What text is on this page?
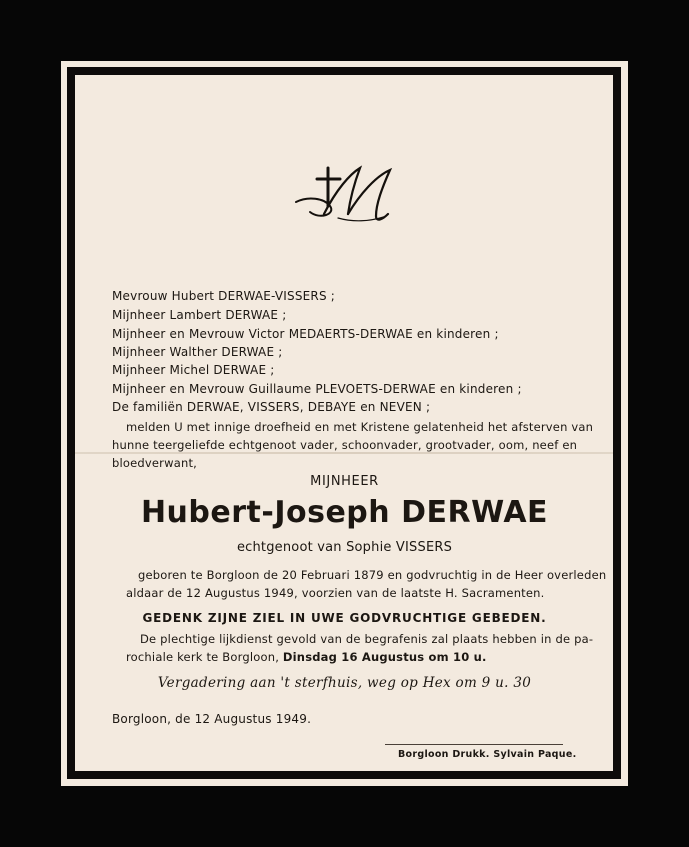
Mevrouw Hubert DERWAE-VISSERS ;
Mijnheer Lambert DERWAE ;
Mijnheer en Mevrouw Victor MEDAERTS-DERWAE en kinderen ;
Mijnheer Walther DERWAE ;
Mijnheer Michel DERWAE ;
Mijnheer en Mevrouw Guillaume PLEVOETS-DERWAE en kinderen ;
De familiën DERWAE, VISSERS, DEBAYE en NEVEN ;
melden U met innige droefheid en met Kristene gelatenheid het afsterven van
hunne teergeliefde echtgenoot vader, schoonvader, grootvader, oom, neef en
bloedverwant,
MIJNHEER
Hubert-Joseph DERWAE
echtgenoot van Sophie VISSERS
geboren te Borgloon de 20 Februari 1879 en godvruchtig in de Heer overleden
aldaar de 12 Augustus 1949, voorzien van de laatste H. Sacramenten.
GEDENK ZIJNE ZIEL IN UWE GODVRUCHTIGE GEBEDEN.
De plechtige lijkdienst gevold van de begrafenis zal plaats hebben in de pa-
rochiale kerk te Borgloon, Dinsdag 16 Augustus om 10 u.
Vergadering aan 't sterfhuis, weg op Hex om 9 u. 30
Borgloon, de 12 Augustus 1949.
Borgloon Drukk. Sylvain Paque.
